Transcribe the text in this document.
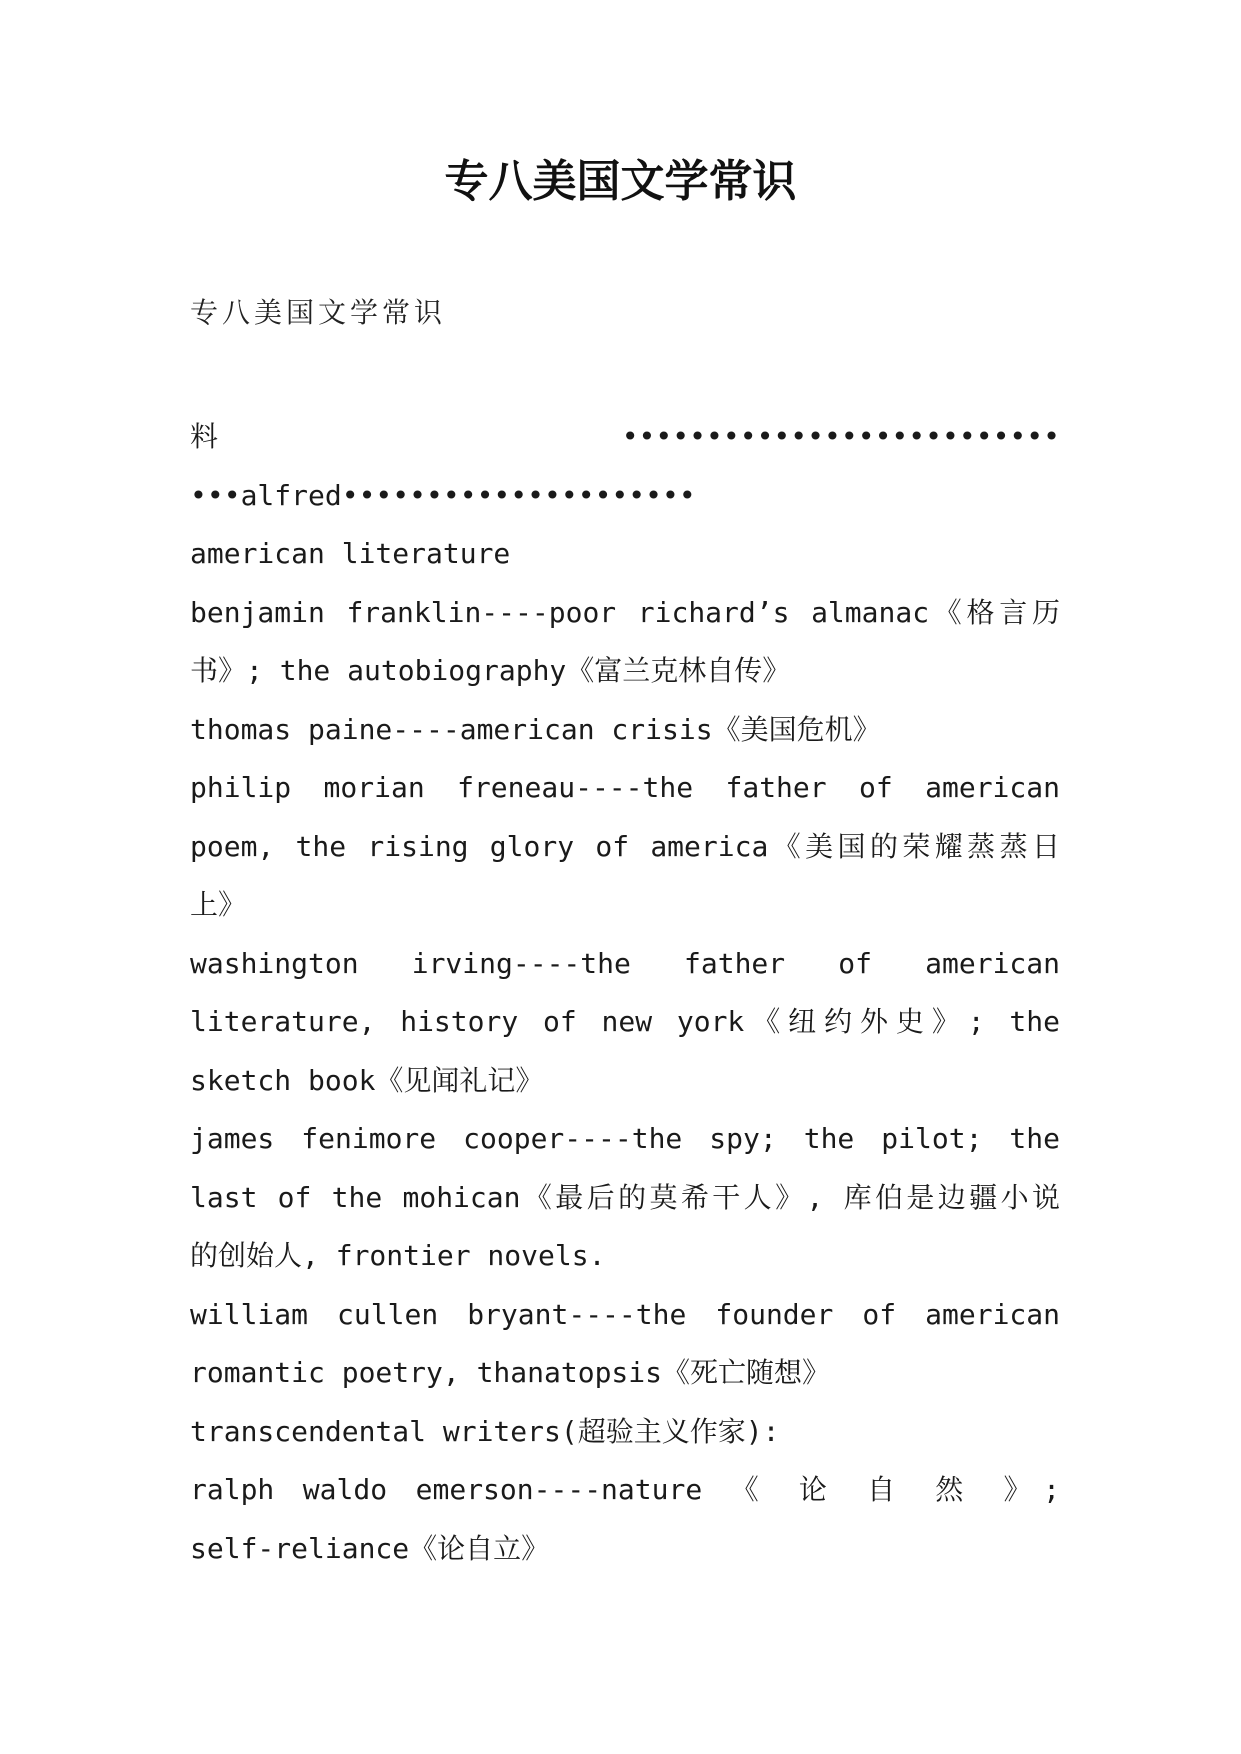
专八美国文学常识
专八美国文学常识
料••••••••••••••••••••••••••
•••alfred•••••••••••••••••••••
american literature
benjamin franklin----poor richard’s almanac《格言历
书》; the autobiography《富兰克林自传》
thomas paine----american crisis《美国危机》
philip morian freneau----the father of american
poem, the rising glory of america《美国的荣耀蒸蒸日
上》
washington irving----the father of american
literature, history of new york《纽约外史》; the
sketch book《见闻礼记》
james fenimore cooper----the spy; the pilot; the
last of the mohican《最后的莫希干人》, 库伯是边疆小说
的创始人, frontier novels.
william cullen bryant----the founder of american
romantic poetry, thanatopsis《死亡随想》
transcendental writers(超验主义作家):
ralph waldo emerson----nature 《 论 自 然 》;
self-reliance《论自立》
